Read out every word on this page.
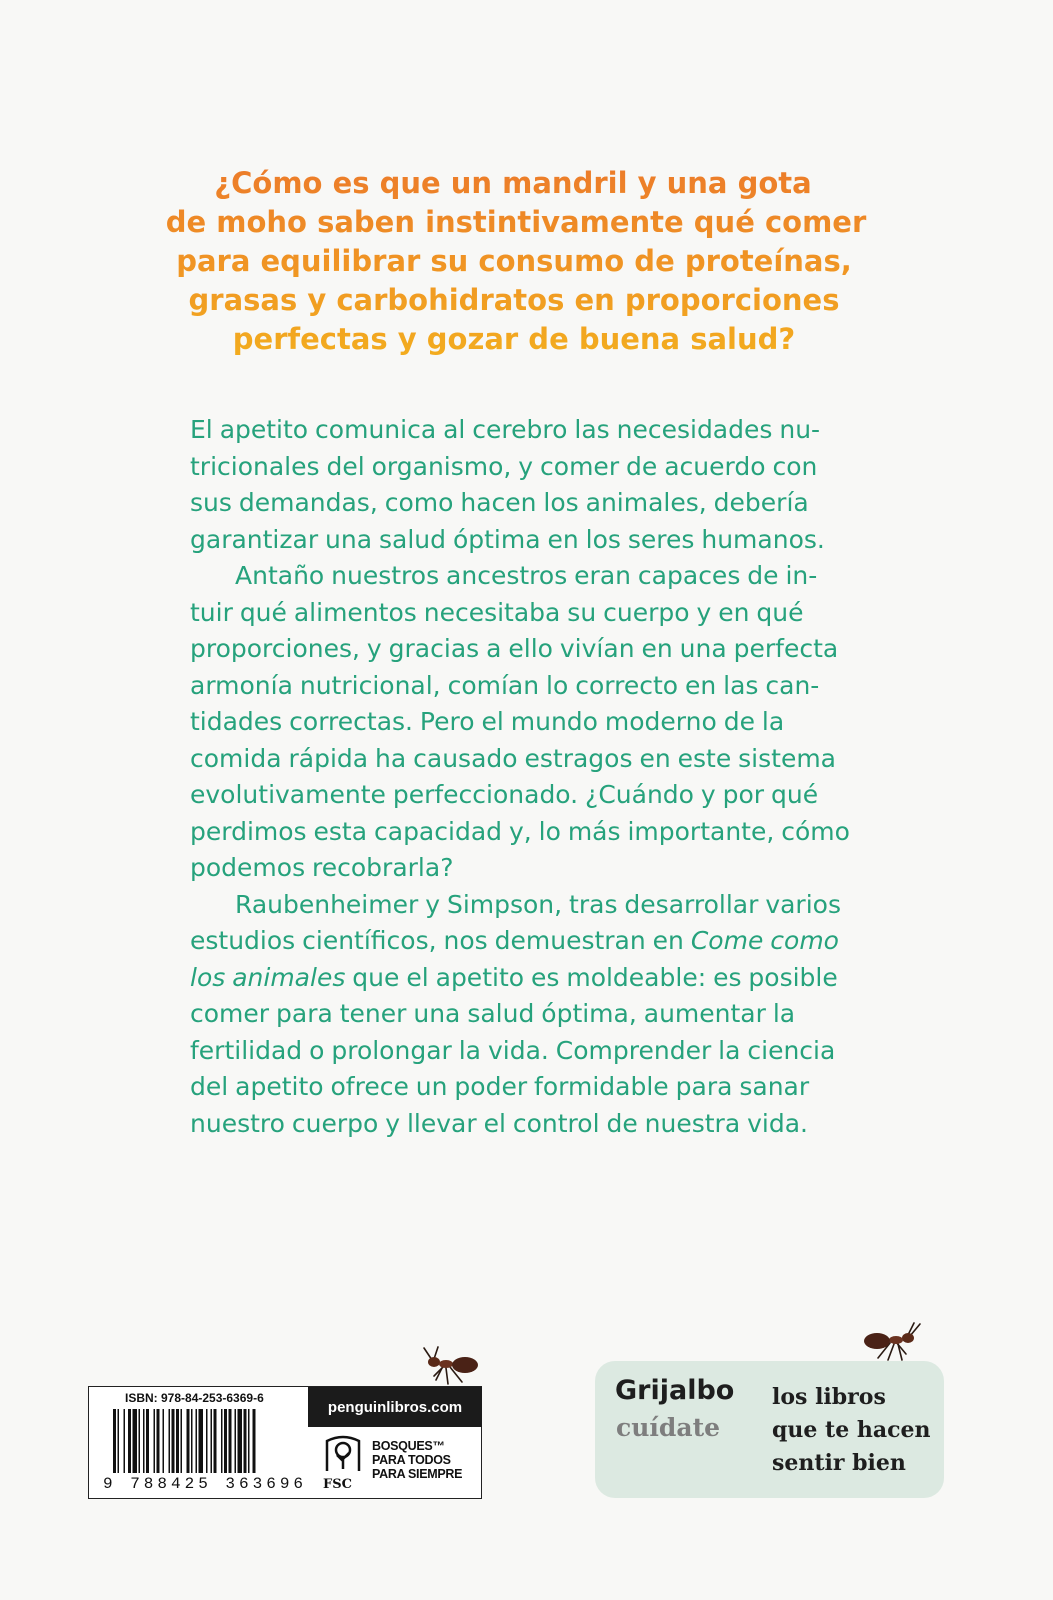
¿Cómo es que un mandril y una gota
de moho saben instintivamente qué comer
para equilibrar su consumo de proteínas,
grasas y carbohidratos en proporciones
perfectas y gozar de buena salud?
El apetito comunica al cerebro las necesidades nu-
tricionales del organismo, y comer de acuerdo con
sus demandas, como hacen los animales, debería
garantizar una salud óptima en los seres humanos.
Antaño nuestros ancestros eran capaces de in-
tuir qué alimentos necesitaba su cuerpo y en qué
proporciones, y gracias a ello vivían en una perfecta
armonía nutricional, comían lo correcto en las can-
tidades correctas. Pero el mundo moderno de la
comida rápida ha causado estragos en este sistema
evolutivamente perfeccionado. ¿Cuándo y por qué
perdimos esta capacidad y, lo más importante, cómo
podemos recobrarla?
Raubenheimer y Simpson, tras desarrollar varios
estudios científicos, nos demuestran en Come como
los animales que el apetito es moldeable: es posible
comer para tener una salud óptima, aumentar la
fertilidad o prolongar la vida. Comprender la ciencia
del apetito ofrece un poder formidable para sanar
nuestro cuerpo y llevar el control de nuestra vida.
ISBN: 978-84-253-6369-6
9 788425 363696
penguinlibros.com
FSC
BOSQUES™
PARA TODOS
PARA SIEMPRE
Grijalbo
cuídate
los libros
que te hacen
sentir bien
